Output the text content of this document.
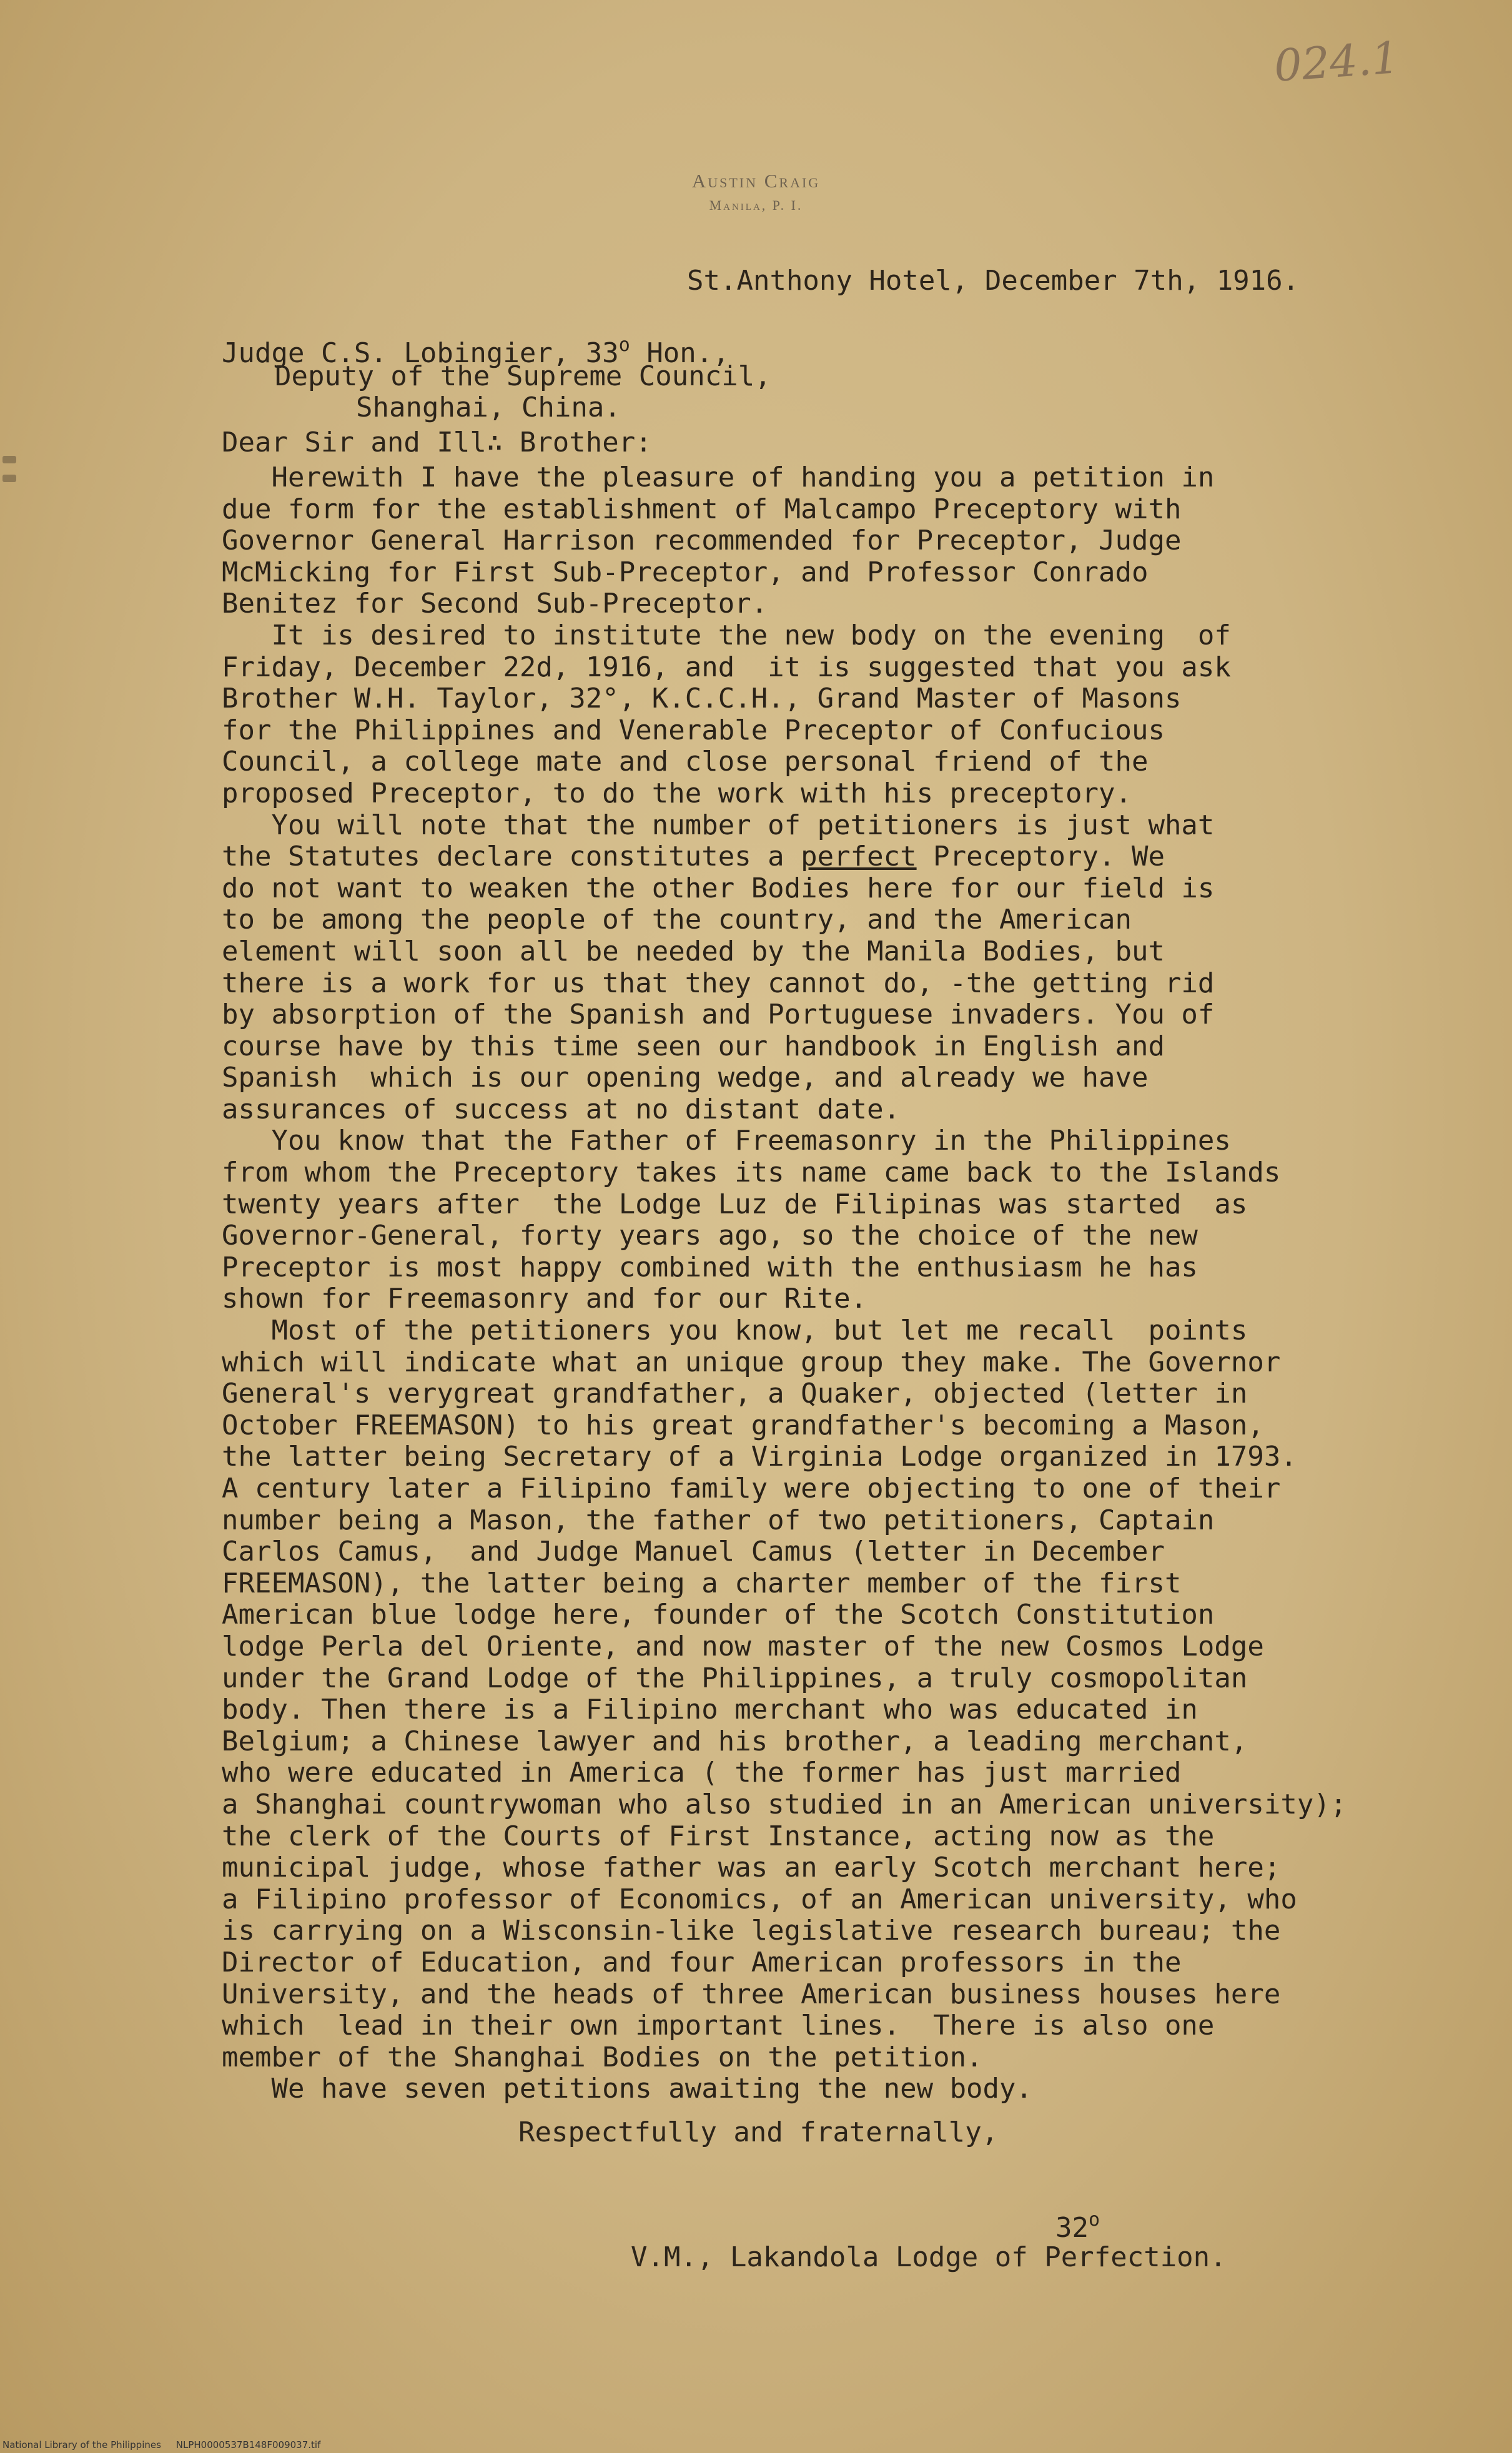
024.1
Austin Craig
Manila, P. I.
St.Anthony Hotel, December 7th, 1916.
Judge C.S. Lobingier, 33$^o$ Hon.,
Deputy of the Supreme Council,
Shanghai, China.
Dear Sir and Ill∴ Brother:
Herewith I have the pleasure of handing you a petition in
due form for the establishment of Malcampo Preceptory with
Governor General Harrison recommended for Preceptor, Judge
McMicking for First Sub-Preceptor, and Professor Conrado
Benitez for Second Sub-Preceptor.
It is desired to institute the new body on the evening  of
Friday, December 22d, 1916, and  it is suggested that you ask
Brother W.H. Taylor, 32°, K.C.C.H., Grand Master of Masons
for the Philippines and Venerable Preceptor of Confucious
Council, a college mate and close personal friend of the
proposed Preceptor, to do the work with his preceptory.
You will note that the number of petitioners is just what
the Statutes declare constitutes a perfect Preceptory. We
do not want to weaken the other Bodies here for our field is
to be among the people of the country, and the American
element will soon all be needed by the Manila Bodies, but
there is a work for us that they cannot do, -the getting rid
by absorption of the Spanish and Portuguese invaders. You of
course have by this time seen our handbook in English and
Spanish  which is our opening wedge, and already we have
assurances of success at no distant date.
You know that the Father of Freemasonry in the Philippines
from whom the Preceptory takes its name came back to the Islands
twenty years after  the Lodge Luz de Filipinas was started  as
Governor-General, forty years ago, so the choice of the new
Preceptor is most happy combined with the enthusiasm he has
shown for Freemasonry and for our Rite.
Most of the petitioners you know, but let me recall  points
which will indicate what an unique group they make. The Governor
General's verygreat grandfather, a Quaker, objected (letter in
October FREEMASON) to his great grandfather's becoming a Mason,
the latter being Secretary of a Virginia Lodge organized in 1793.
A century later a Filipino family were objecting to one of their
number being a Mason, the father of two petitioners, Captain
Carlos Camus,  and Judge Manuel Camus (letter in December
FREEMASON), the latter being a charter member of the first
American blue lodge here, founder of the Scotch Constitution
lodge Perla del Oriente, and now master of the new Cosmos Lodge
under the Grand Lodge of the Philippines, a truly cosmopolitan
body. Then there is a Filipino merchant who was educated in
Belgium; a Chinese lawyer and his brother, a leading merchant,
who were educated in America ( the former has just married
a Shanghai countrywoman who also studied in an American university);
the clerk of the Courts of First Instance, acting now as the
municipal judge, whose father was an early Scotch merchant here;
a Filipino professor of Economics, of an American university, who
is carrying on a Wisconsin-like legislative research bureau; the
Director of Education, and four American professors in the
University, and the heads of three American business houses here
which  lead in their own important lines.  There is also one
member of the Shanghai Bodies on the petition.
We have seven petitions awaiting the new body.
Respectfully and fraternally,
32$^o$
V.M., Lakandola Lodge of Perfection.
National Library of the Philippines     NLPH0000537B148F009037.tif
